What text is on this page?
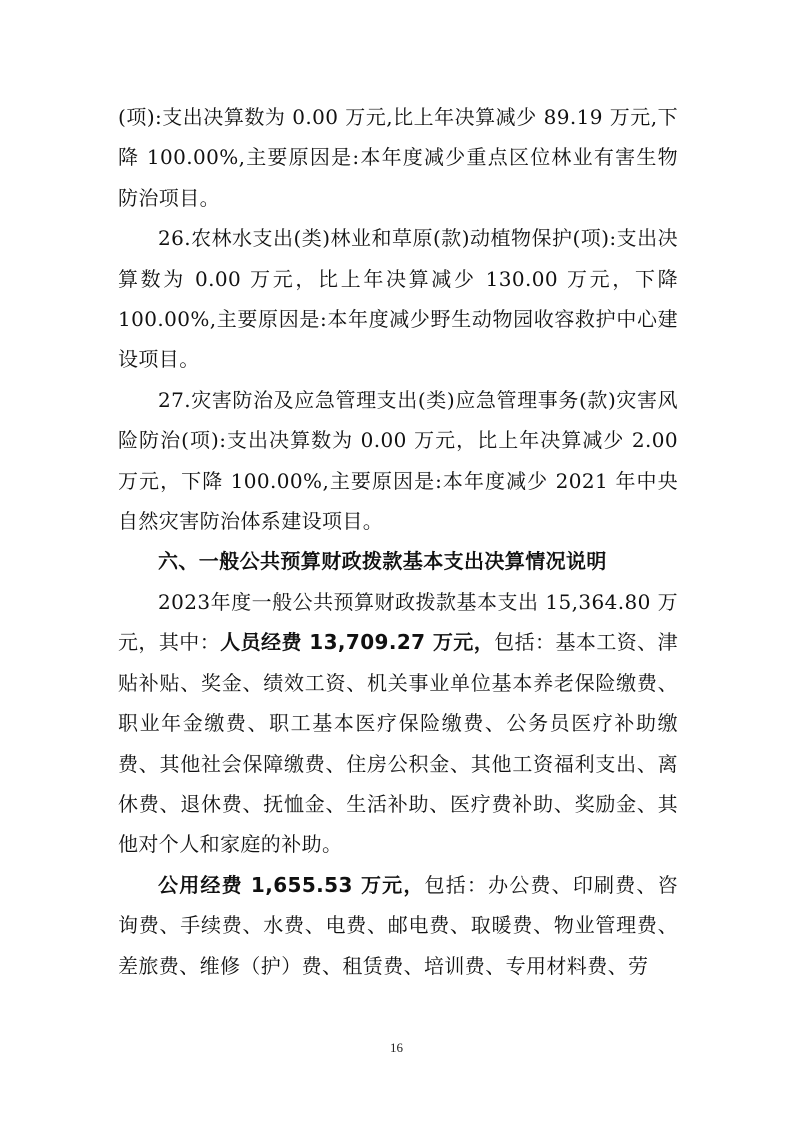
(项):支出决算数为 0.00 万元,比上年决算减少 89.19 万元,下降 100.00%,主要原因是:本年度减少重点区位林业有害生物防治项目。

26.农林水支出(类)林业和草原(款)动植物保护(项):支出决算数为 0.00 万元，比上年决算减少 130.00 万元，下降 100.00%,主要原因是:本年度减少野生动物园收容救护中心建设项目。

27.灾害防治及应急管理支出(类)应急管理事务(款)灾害风险防治(项):支出决算数为 0.00 万元，比上年决算减少 2.00 万元，下降 100.00%,主要原因是:本年度减少 2021 年中央自然灾害防治体系建设项目。

六、一般公共预算财政拨款基本支出决算情况说明

2023年度一般公共预算财政拨款基本支出 15,364.80 万元，其中：人员经费 13,709.27 万元，包括：基本工资、津贴补贴、奖金、绩效工资、机关事业单位基本养老保险缴费、职业年金缴费、职工基本医疗保险缴费、公务员医疗补助缴费、其他社会保障缴费、住房公积金、其他工资福利支出、离休费、退休费、抚恤金、生活补助、医疗费补助、奖励金、其他对个人和家庭的补助。

公用经费 1,655.53 万元，包括：办公费、印刷费、咨询费、手续费、水费、电费、邮电费、取暖费、物业管理费、差旅费、维修（护）费、租赁费、培训费、专用材料费、劳

16
